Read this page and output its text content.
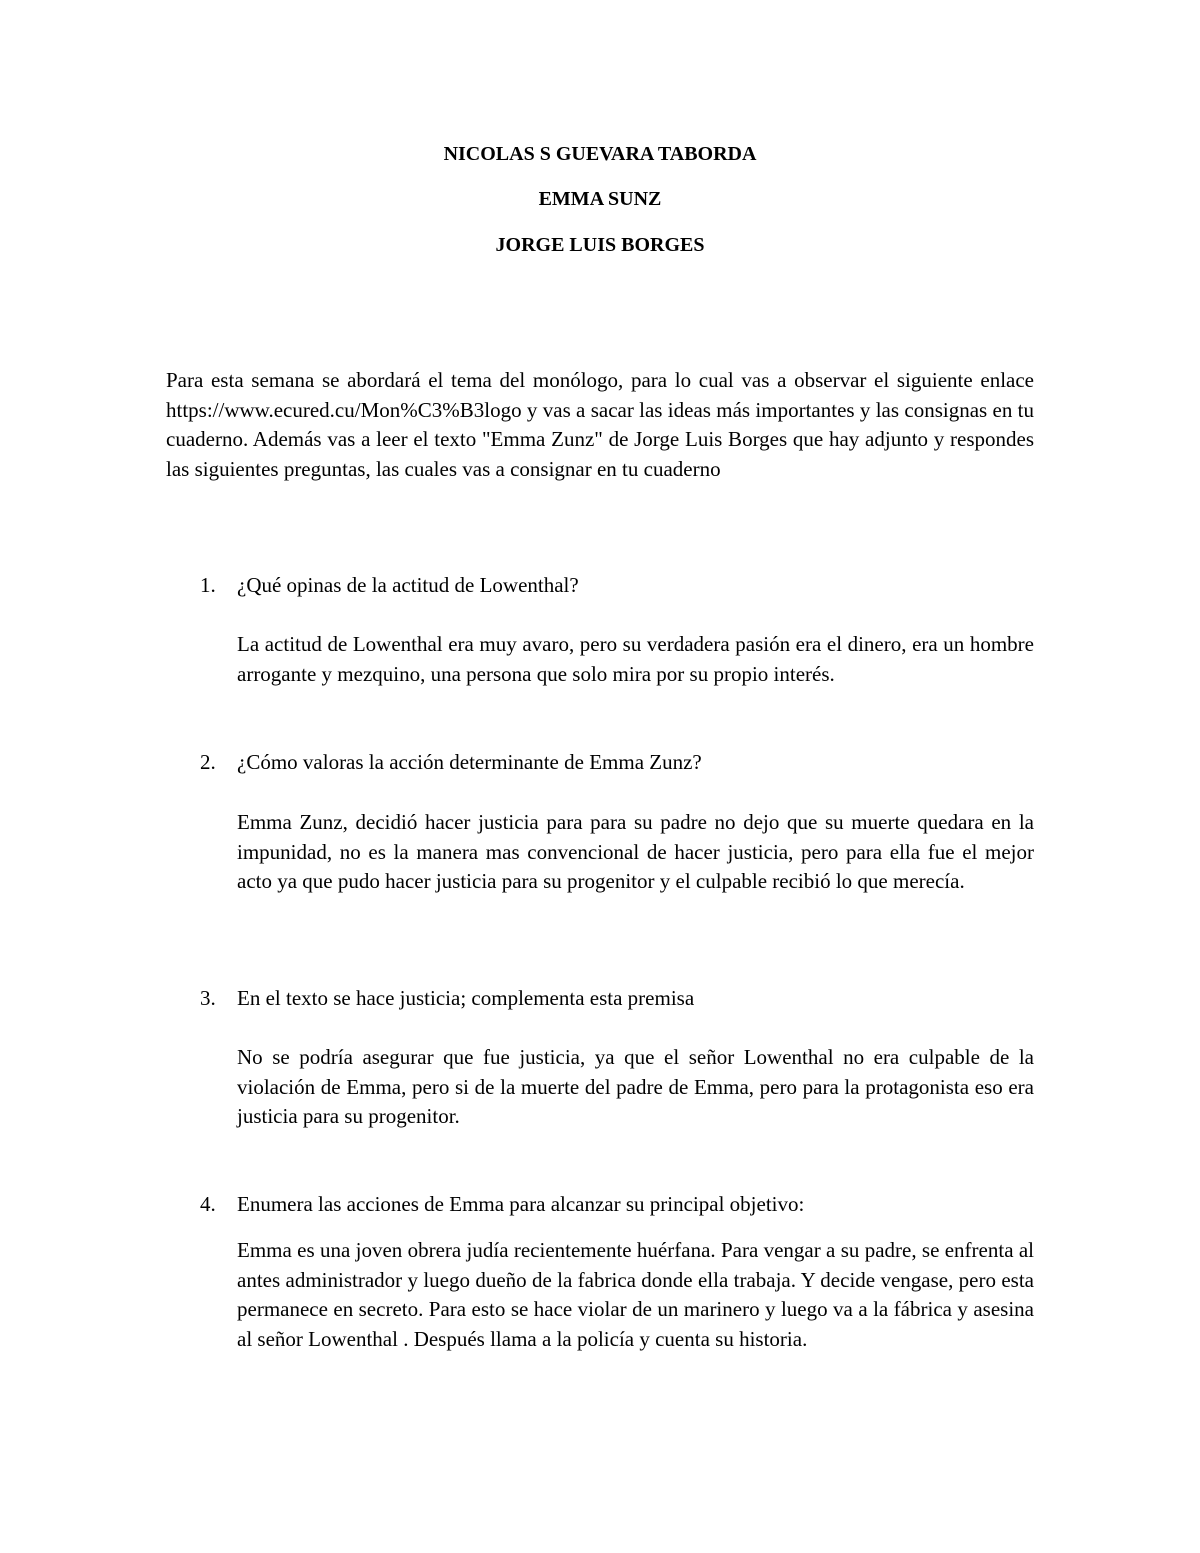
NICOLAS S GUEVARA TABORDA

EMMA SUNZ

JORGE LUIS BORGES

Para esta semana se abordará el tema del monólogo, para lo cual vas a observar el siguiente enlace https://www.ecured.cu/Mon%C3%B3logo y vas a sacar las ideas más importantes y las consignas en tu cuaderno. Además vas a leer el texto "Emma Zunz" de Jorge Luis Borges que hay adjunto y respondes las siguientes preguntas, las cuales vas a consignar en tu cuaderno

1. ¿Qué opinas de la actitud de Lowenthal?

La actitud de Lowenthal era muy avaro, pero su verdadera pasión era el dinero, era un hombre arrogante y mezquino, una persona que solo mira por su propio interés.

2. ¿Cómo valoras la acción determinante de Emma Zunz?

Emma Zunz, decidió hacer justicia para para su padre no dejo que su muerte quedara en la impunidad, no es la manera mas convencional de hacer justicia, pero para ella fue el mejor acto ya que pudo hacer justicia para su progenitor y el culpable recibió lo que merecía.

3. En el texto se hace justicia; complementa esta premisa

No se podría asegurar que fue justicia, ya que el señor Lowenthal no era culpable de la violación de Emma, pero si de la muerte del padre de Emma, pero para la protagonista eso era justicia para su progenitor.

4. Enumera las acciones de Emma para alcanzar su principal objetivo:

Emma es una joven obrera judía recientemente huérfana. Para vengar a su padre, se enfrenta al antes administrador y luego dueño de la fabrica donde ella trabaja. Y decide vengase, pero esta permanece en secreto. Para esto se hace violar de un marinero y luego va a la fábrica y asesina al señor Lowenthal . Después llama a la policía y cuenta su historia.
